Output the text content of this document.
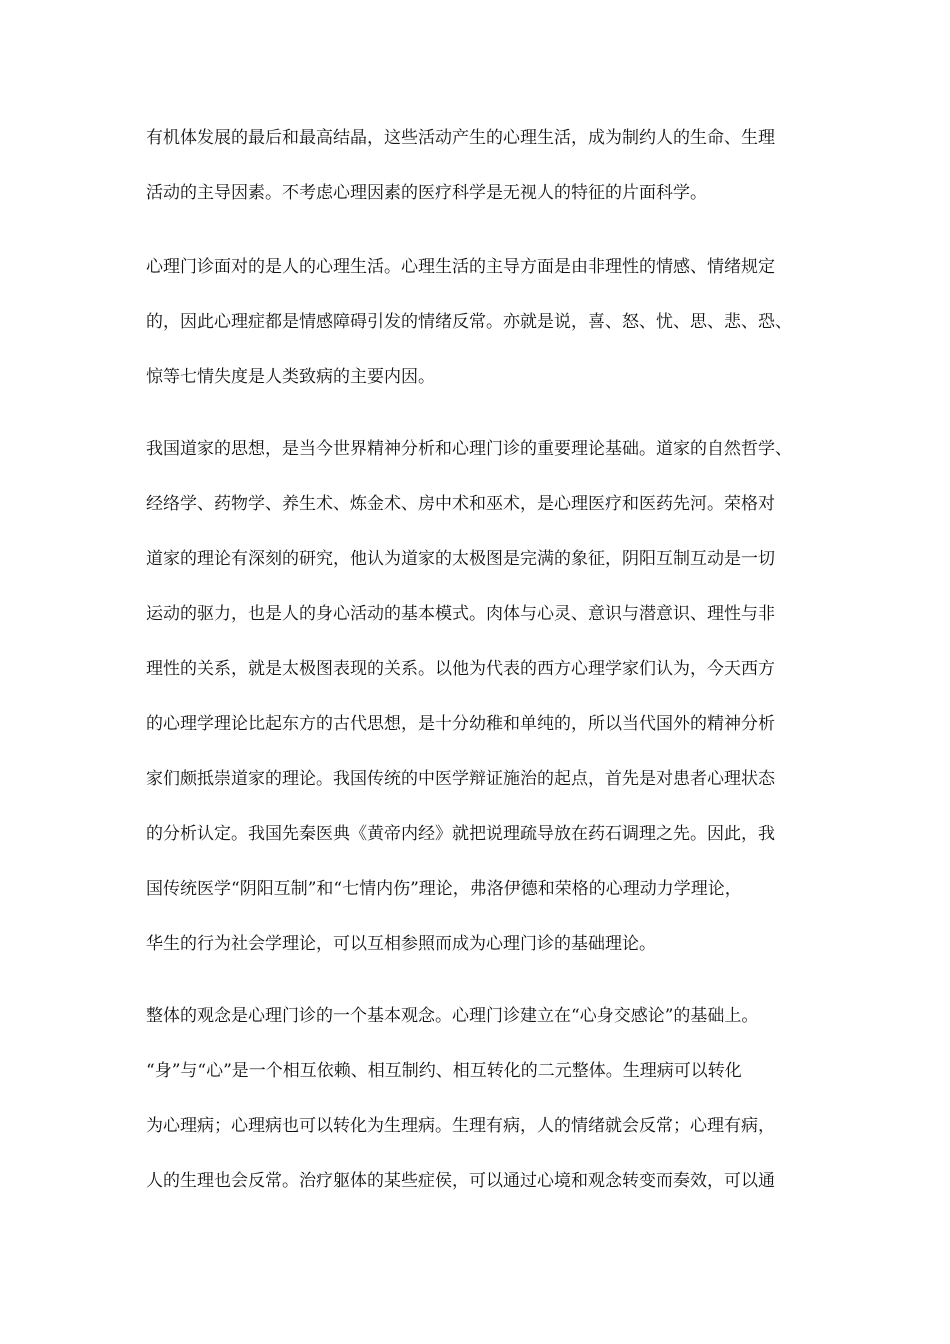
有机体发展的最后和最高结晶，这些活动产生的心理生活，成为制约人的生命、生理
活动的主导因素。不考虑心理因素的医疗科学是无视人的特征的片面科学。
心理门诊面对的是人的心理生活。心理生活的主导方面是由非理性的情感、情绪规定
的，因此心理症都是情感障碍引发的情绪反常。亦就是说，喜、怒、忧、思、悲、恐、
惊等七情失度是人类致病的主要内因。
我国道家的思想，是当今世界精神分析和心理门诊的重要理论基础。道家的自然哲学、
经络学、药物学、养生术、炼金术、房中术和巫术，是心理医疗和医药先河。荣格对
道家的理论有深刻的研究，他认为道家的太极图是完满的象征，阴阳互制互动是一切
运动的驱力，也是人的身心活动的基本模式。肉体与心灵、意识与潜意识、理性与非
理性的关系，就是太极图表现的关系。以他为代表的西方心理学家们认为，今天西方
的心理学理论比起东方的古代思想，是十分幼稚和单纯的，所以当代国外的精神分析
家们颇抵崇道家的理论。我国传统的中医学辩证施治的起点，首先是对患者心理状态
的分析认定。我国先秦医典《黄帝内经》就把说理疏导放在药石调理之先。因此，我
国传统医学“阴阳互制”和“七情内伤”理论，弗洛伊德和荣格的心理动力学理论，
华生的行为社会学理论，可以互相参照而成为心理门诊的基础理论。
整体的观念是心理门诊的一个基本观念。心理门诊建立在“心身交感论”的基础上。
“身”与“心”是一个相互依赖、相互制约、相互转化的二元整体。生理病可以转化
为心理病；心理病也可以转化为生理病。生理有病，人的情绪就会反常；心理有病，
人的生理也会反常。治疗躯体的某些症侯，可以通过心境和观念转变而奏效，可以通
